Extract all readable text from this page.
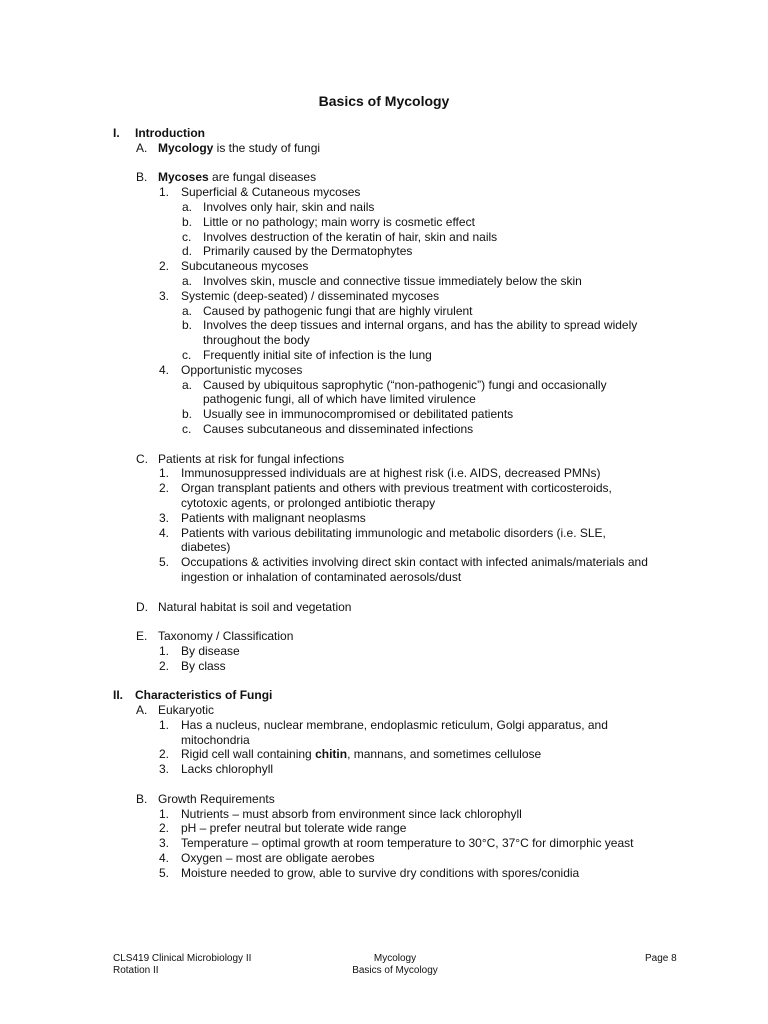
Basics of Mycology
I. Introduction
A. Mycology is the study of fungi
B. Mycoses are fungal diseases
1. Superficial & Cutaneous mycoses
a. Involves only hair, skin and nails
b. Little or no pathology; main worry is cosmetic effect
c. Involves destruction of the keratin of hair, skin and nails
d. Primarily caused by the Dermatophytes
2. Subcutaneous mycoses
a. Involves skin, muscle and connective tissue immediately below the skin
3. Systemic (deep-seated) / disseminated mycoses
a. Caused by pathogenic fungi that are highly virulent
b. Involves the deep tissues and internal organs, and has the ability to spread widely
throughout the body
c. Frequently initial site of infection is the lung
4. Opportunistic mycoses
a. Caused by ubiquitous saprophytic (“non-pathogenic”) fungi and occasionally
pathogenic fungi, all of which have limited virulence
b. Usually see in immunocompromised or debilitated patients
c. Causes subcutaneous and disseminated infections
C. Patients at risk for fungal infections
1. Immunosuppressed individuals are at highest risk (i.e. AIDS, decreased PMNs)
2. Organ transplant patients and others with previous treatment with corticosteroids,
cytotoxic agents, or prolonged antibiotic therapy
3. Patients with malignant neoplasms
4. Patients with various debilitating immunologic and metabolic disorders (i.e. SLE,
diabetes)
5. Occupations & activities involving direct skin contact with infected animals/materials and
ingestion or inhalation of contaminated aerosols/dust
D. Natural habitat is soil and vegetation
E. Taxonomy / Classification
1. By disease
2. By class
II. Characteristics of Fungi
A. Eukaryotic
1. Has a nucleus, nuclear membrane, endoplasmic reticulum, Golgi apparatus, and
mitochondria
2. Rigid cell wall containing chitin, mannans, and sometimes cellulose
3. Lacks chlorophyll
B. Growth Requirements
1. Nutrients – must absorb from environment since lack chlorophyll
2. pH – prefer neutral but tolerate wide range
3. Temperature – optimal growth at room temperature to 30°C, 37°C for dimorphic yeast
4. Oxygen – most are obligate aerobes
5. Moisture needed to grow, able to survive dry conditions with spores/conidia
CLS419 Clinical Microbiology II
Rotation II
Mycology
Basics of Mycology
Page 8
